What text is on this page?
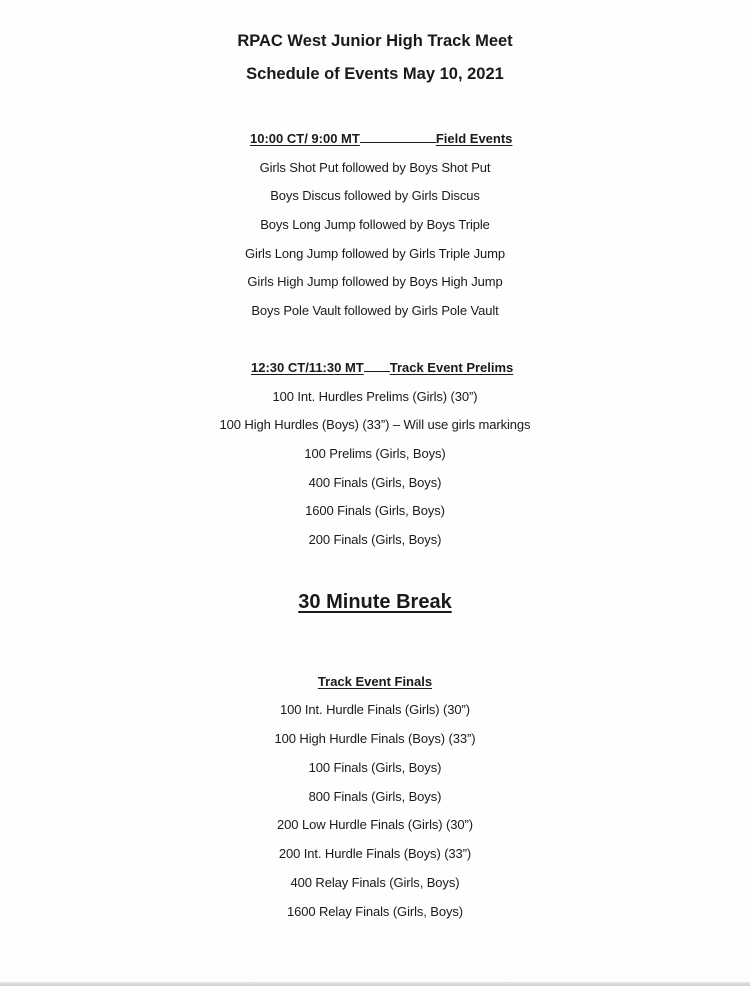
RPAC West Junior High Track Meet
Schedule of Events May 10, 2021
10:00 CT/ 9:00 MT	Field Events
Girls Shot Put followed by Boys Shot Put
Boys Discus followed by Girls Discus
Boys Long Jump followed by Boys Triple
Girls Long Jump followed by Girls Triple Jump
Girls High Jump followed by Boys High Jump
Boys Pole Vault followed by Girls Pole Vault
12:30 CT/11:30 MT Track Event Prelims
100 Int. Hurdles Prelims (Girls) (30”)
100 High Hurdles (Boys) (33”) – Will use girls markings
100 Prelims (Girls, Boys)
400 Finals (Girls, Boys)
1600 Finals (Girls, Boys)
200 Finals (Girls, Boys)
30 Minute Break
Track Event Finals
100 Int. Hurdle Finals (Girls) (30”)
100 High Hurdle Finals (Boys) (33”)
100 Finals (Girls, Boys)
800 Finals (Girls, Boys)
200 Low Hurdle Finals (Girls) (30”)
200 Int. Hurdle Finals (Boys) (33”)
400 Relay Finals (Girls, Boys)
1600 Relay Finals (Girls, Boys)
